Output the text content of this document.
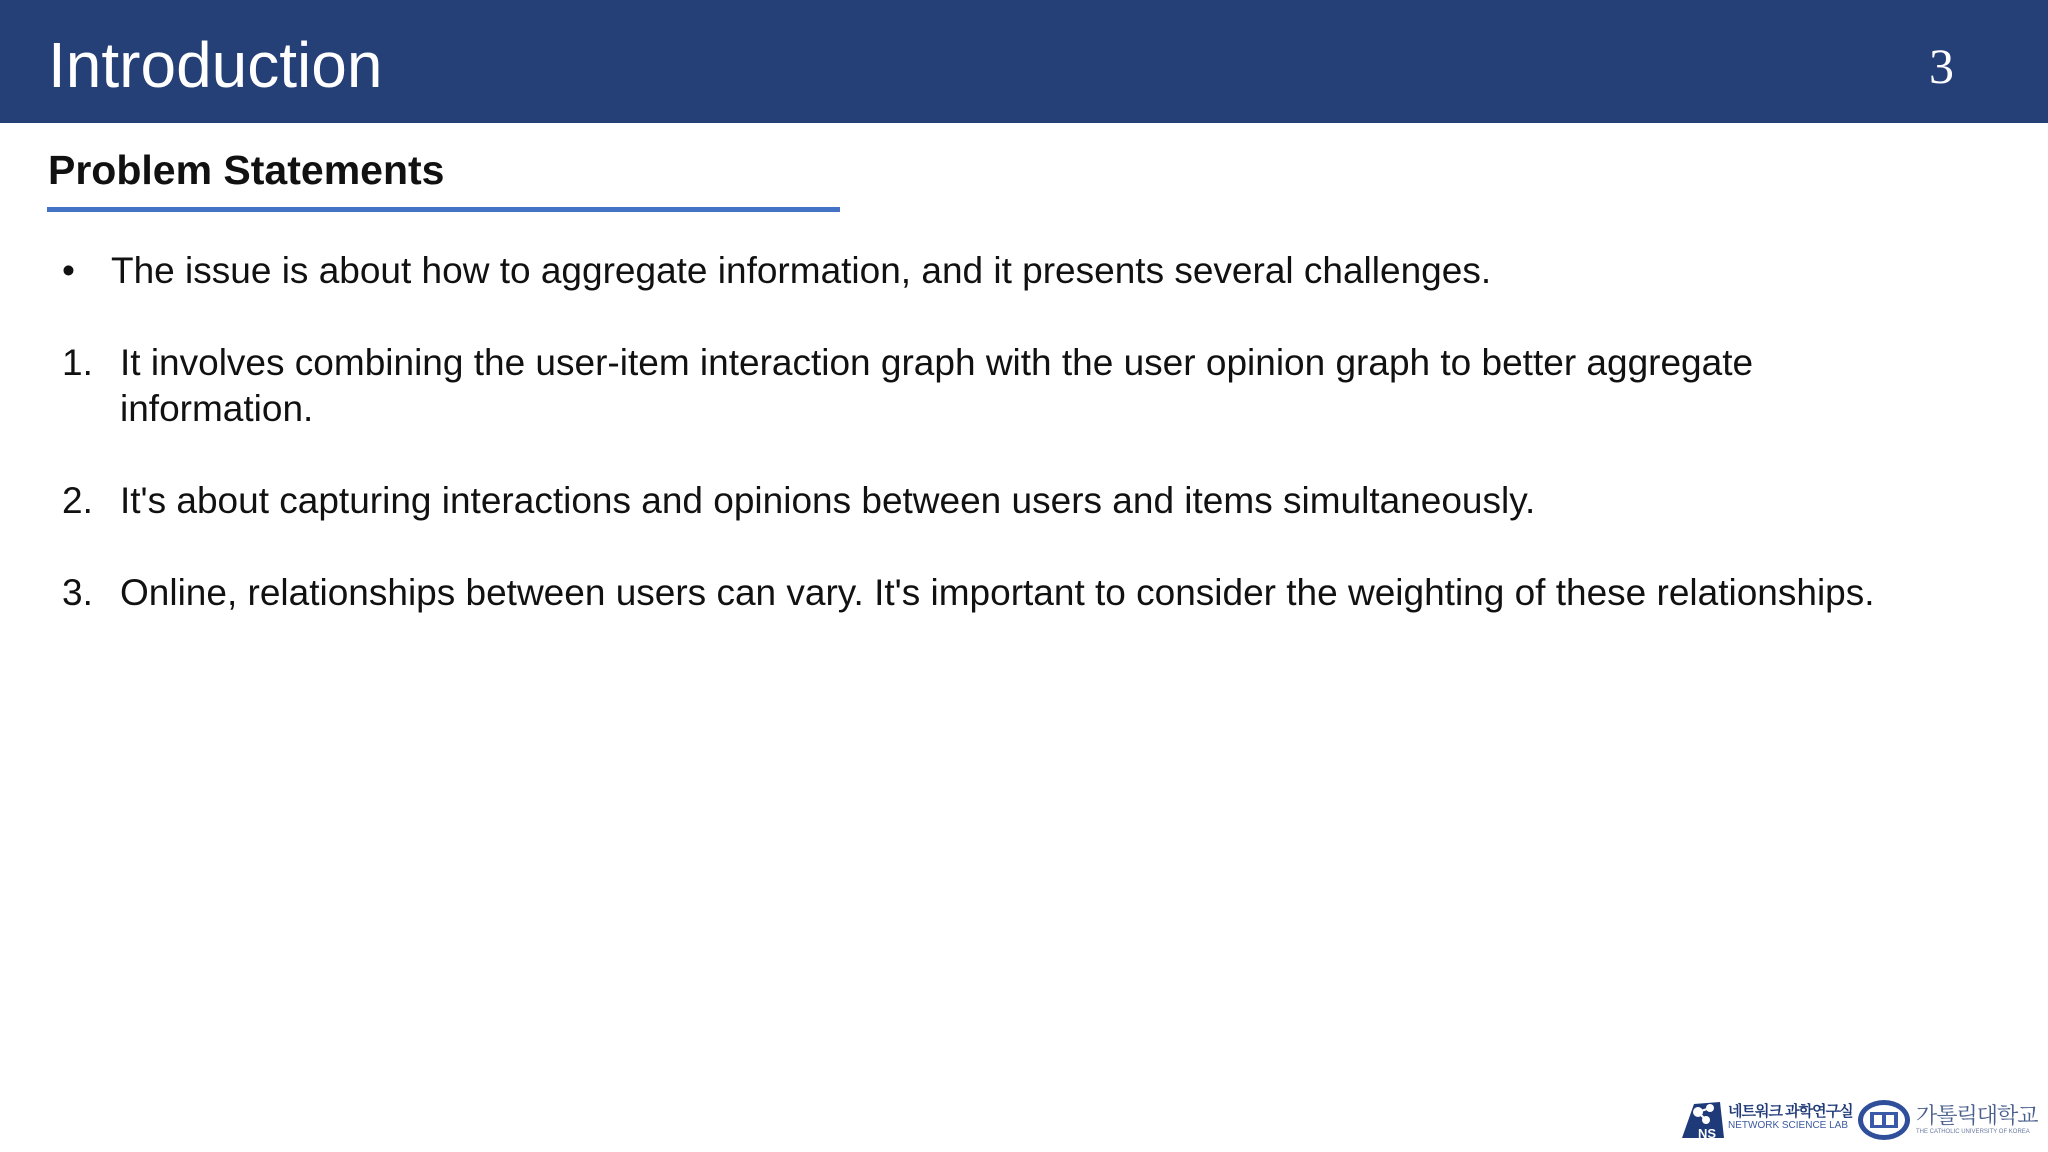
Introduction	3
Problem Statements
• The issue is about how to aggregate information, and it presents several challenges.
1. It involves combining the user-item interaction graph with the user opinion graph to better aggregate information.
2. It's about capturing interactions and opinions between users and items simultaneously.
3. Online, relationships between users can vary. It's important to consider the weighting of these relationships.
NS
네트워크 과학연구실
NETWORK SCIENCE LAB	가톨릭대학교
THE CATHOLIC UNIVERSITY OF KOREA
